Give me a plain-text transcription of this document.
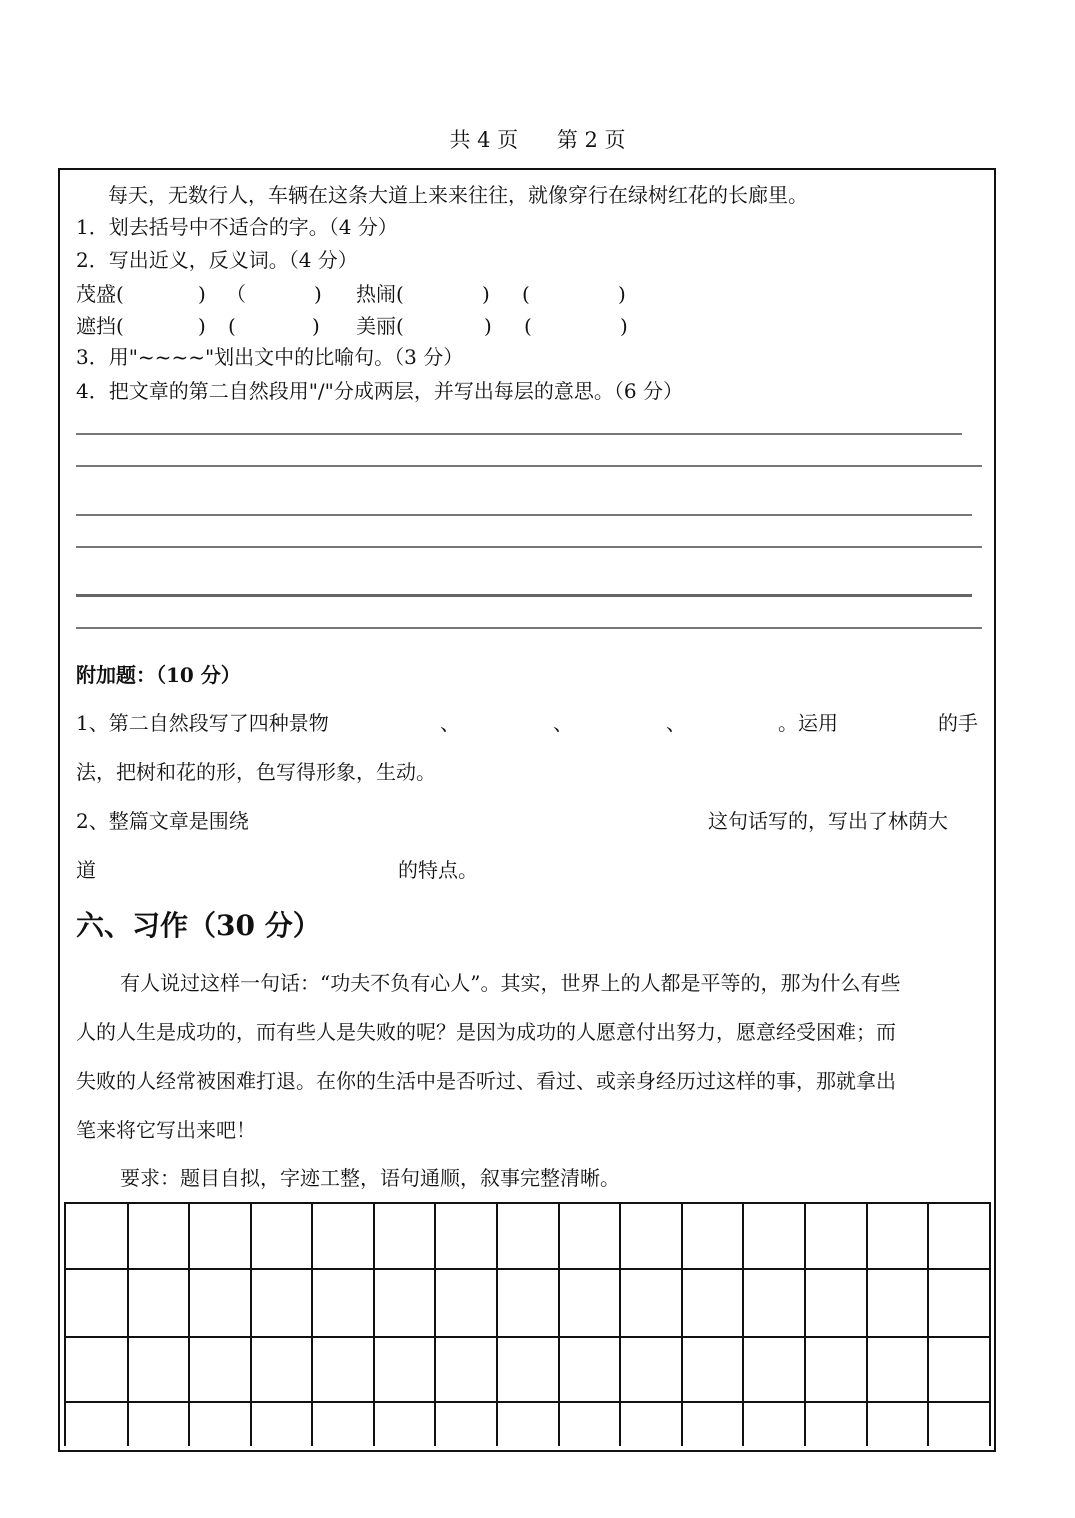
共 4 页 第 2 页
每天，无数行人，车辆在这条大道上来来往往，就像穿行在绿树红花的长廊里。
1．划去括号中不适合的字。（4 分）
2．写出近义，反义词。（4 分）
茂盛(	) （	) 热闹(	) (	)
遮挡(	) (	) 美丽(	) (	)
3．用"~~~~"划出文中的比喻句。（3 分）
4．把文章的第二自然段用"/"分成两层，并写出每层的意思。（6 分）
附加题：（10 分）
1、第二自然段写了四种景物	、	、	、	。运用	的手
法，把树和花的形，色写得形象，生动。
2、整篇文章是围绕	这句话写的，写出了林荫大
道	的特点。
六、习作（30 分）
有人说过这样一句话：“功夫不负有心人”。其实，世界上的人都是平等的，那为什么有些
人的人生是成功的，而有些人是失败的呢？是因为成功的人愿意付出努力，愿意经受困难；而
失败的人经常被困难打退。在你的生活中是否听过、看过、或亲身经历过这样的事，那就拿出
笔来将它写出来吧！
要求：题目自拟，字迹工整，语句通顺，叙事完整清晰。
